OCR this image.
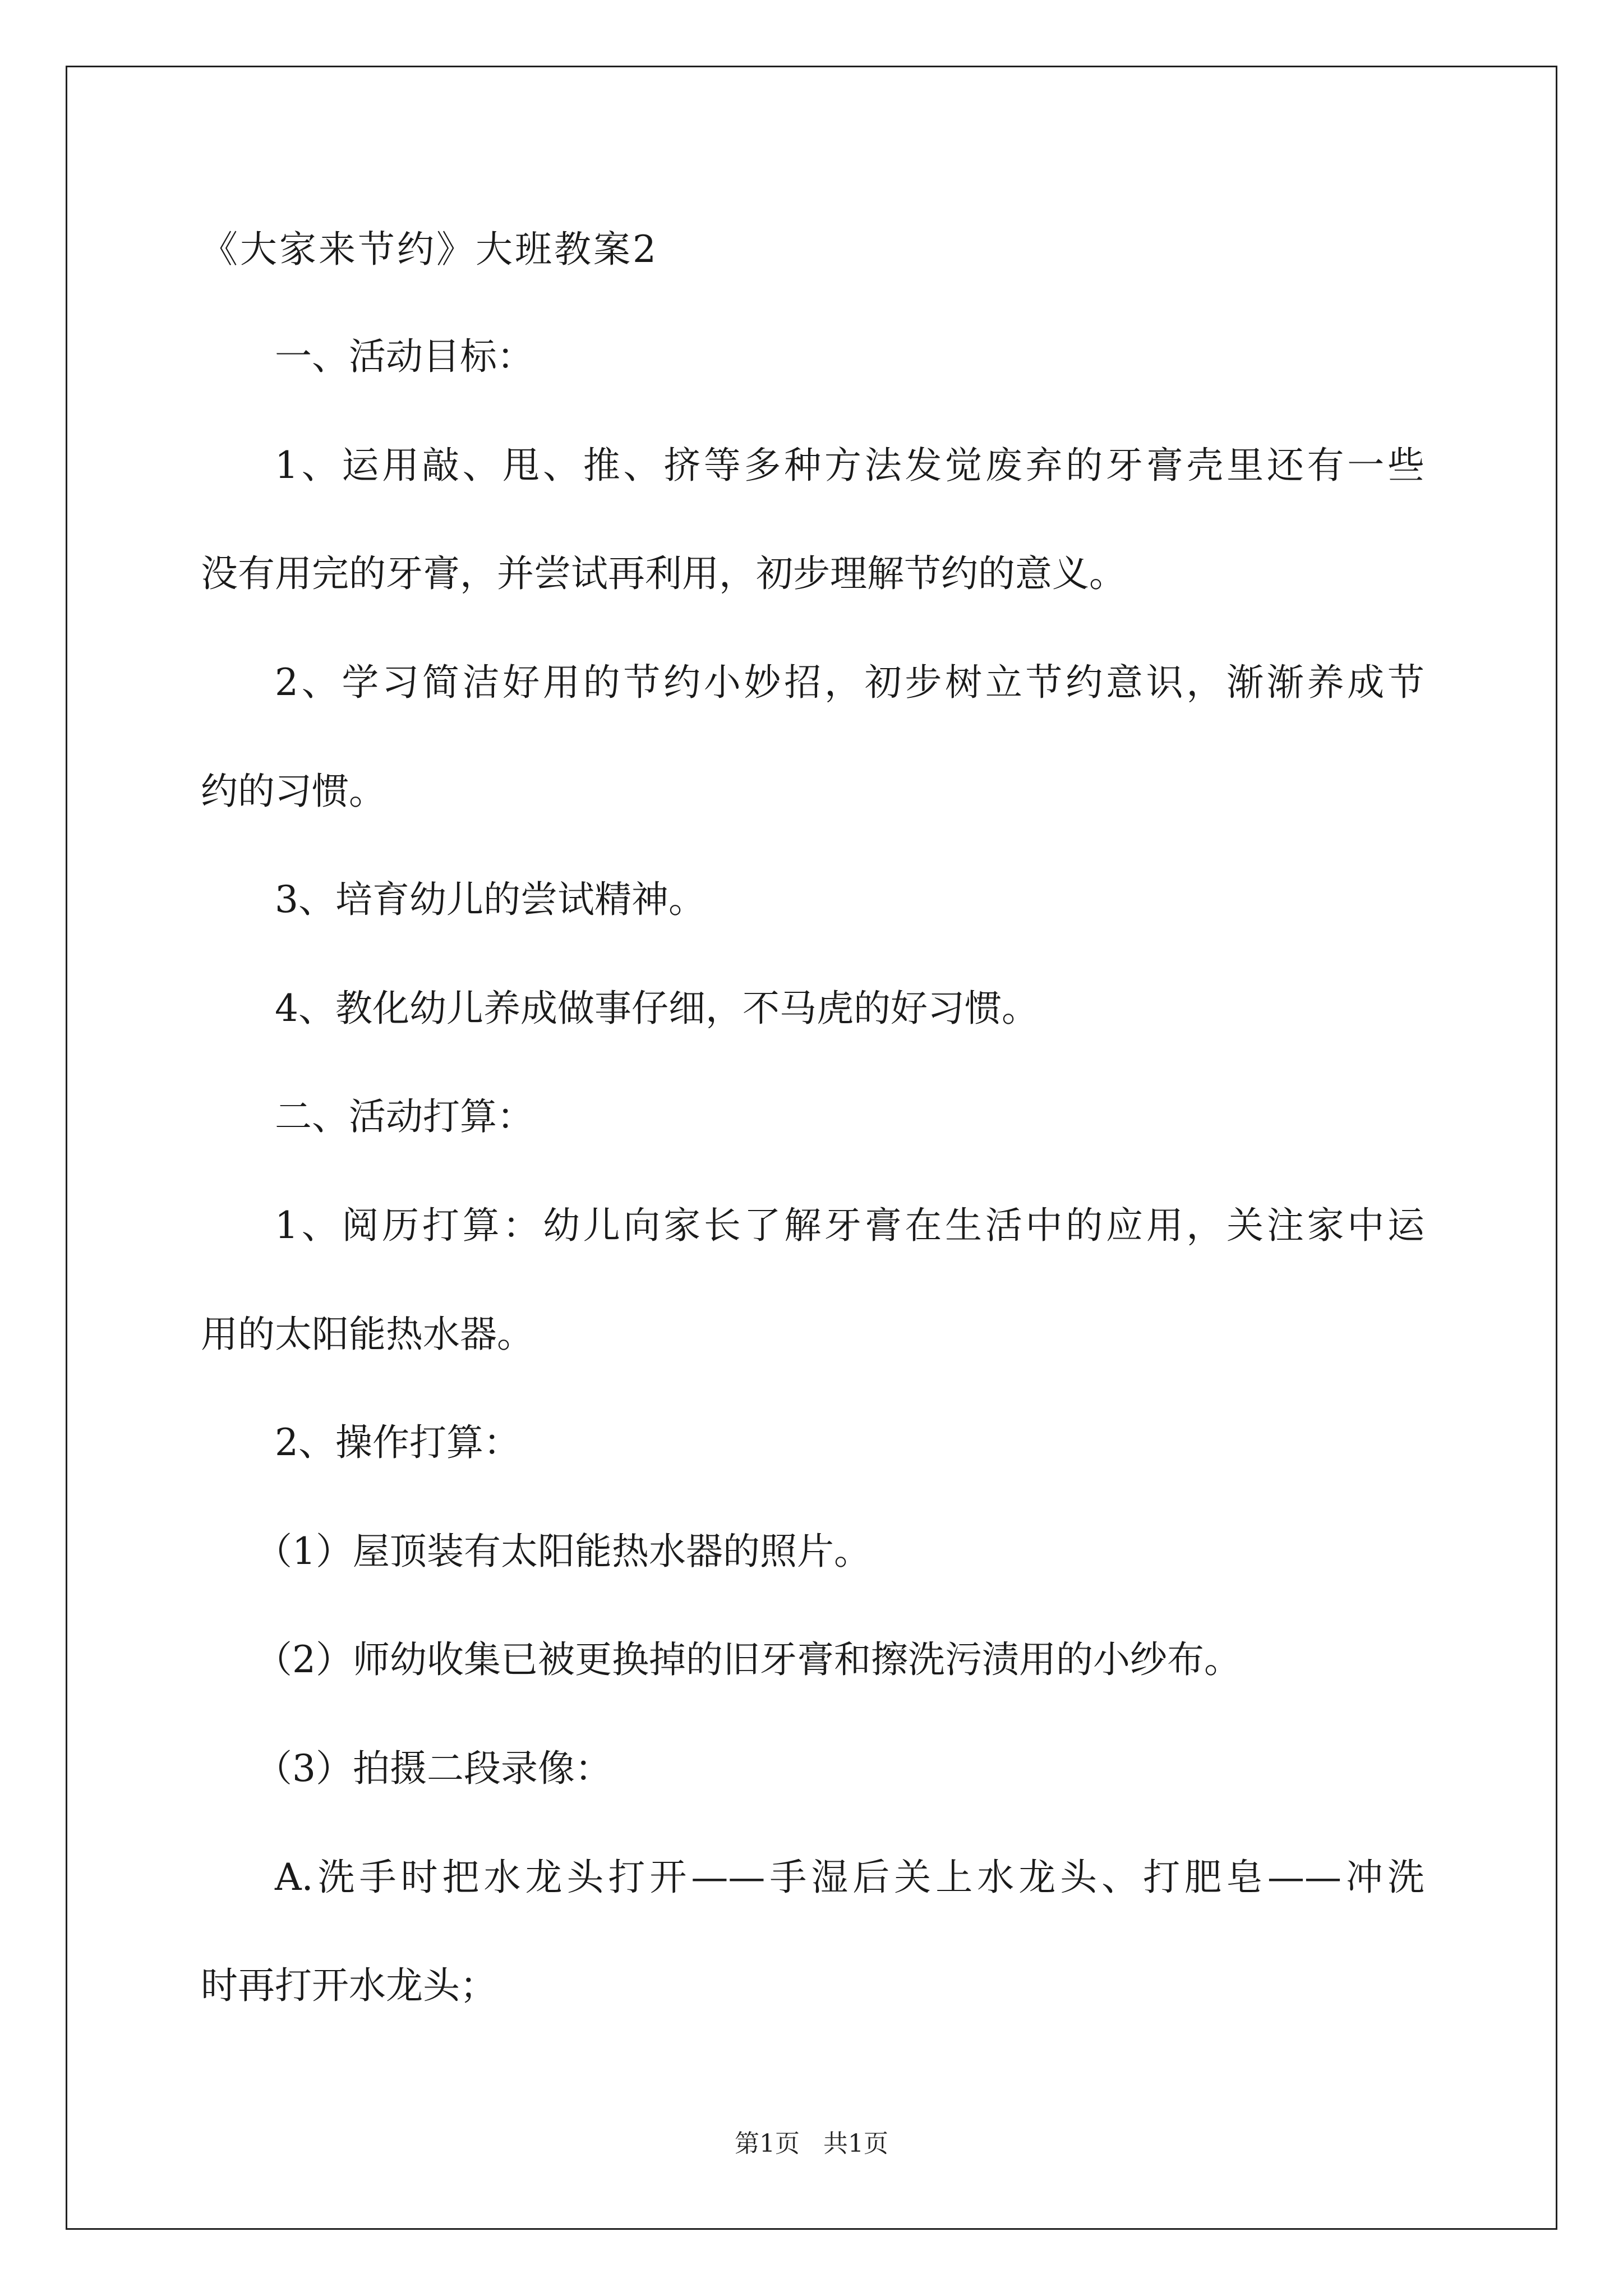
《大家来节约》大班教案2
一、活动目标：
1、运用敲、甩、推、挤等多种方法发觉废弃的牙膏壳里还有一些
没有用完的牙膏，并尝试再利用，初步理解节约的意义。
2、学习简洁好用的节约小妙招，初步树立节约意识，渐渐养成节
约的习惯。
3、培育幼儿的尝试精神。
4、教化幼儿养成做事仔细，不马虎的好习惯。
二、活动打算：
1、阅历打算：幼儿向家长了解牙膏在生活中的应用，关注家中运
用的太阳能热水器。
2、操作打算：
（1）屋顶装有太阳能热水器的照片。
（2）师幼收集已被更换掉的旧牙膏和擦洗污渍用的小纱布。
（3）拍摄二段录像：
A.洗手时把水龙头打开——手湿后关上水龙头、打肥皂——冲洗
时再打开水龙头；
第1页   共1页
